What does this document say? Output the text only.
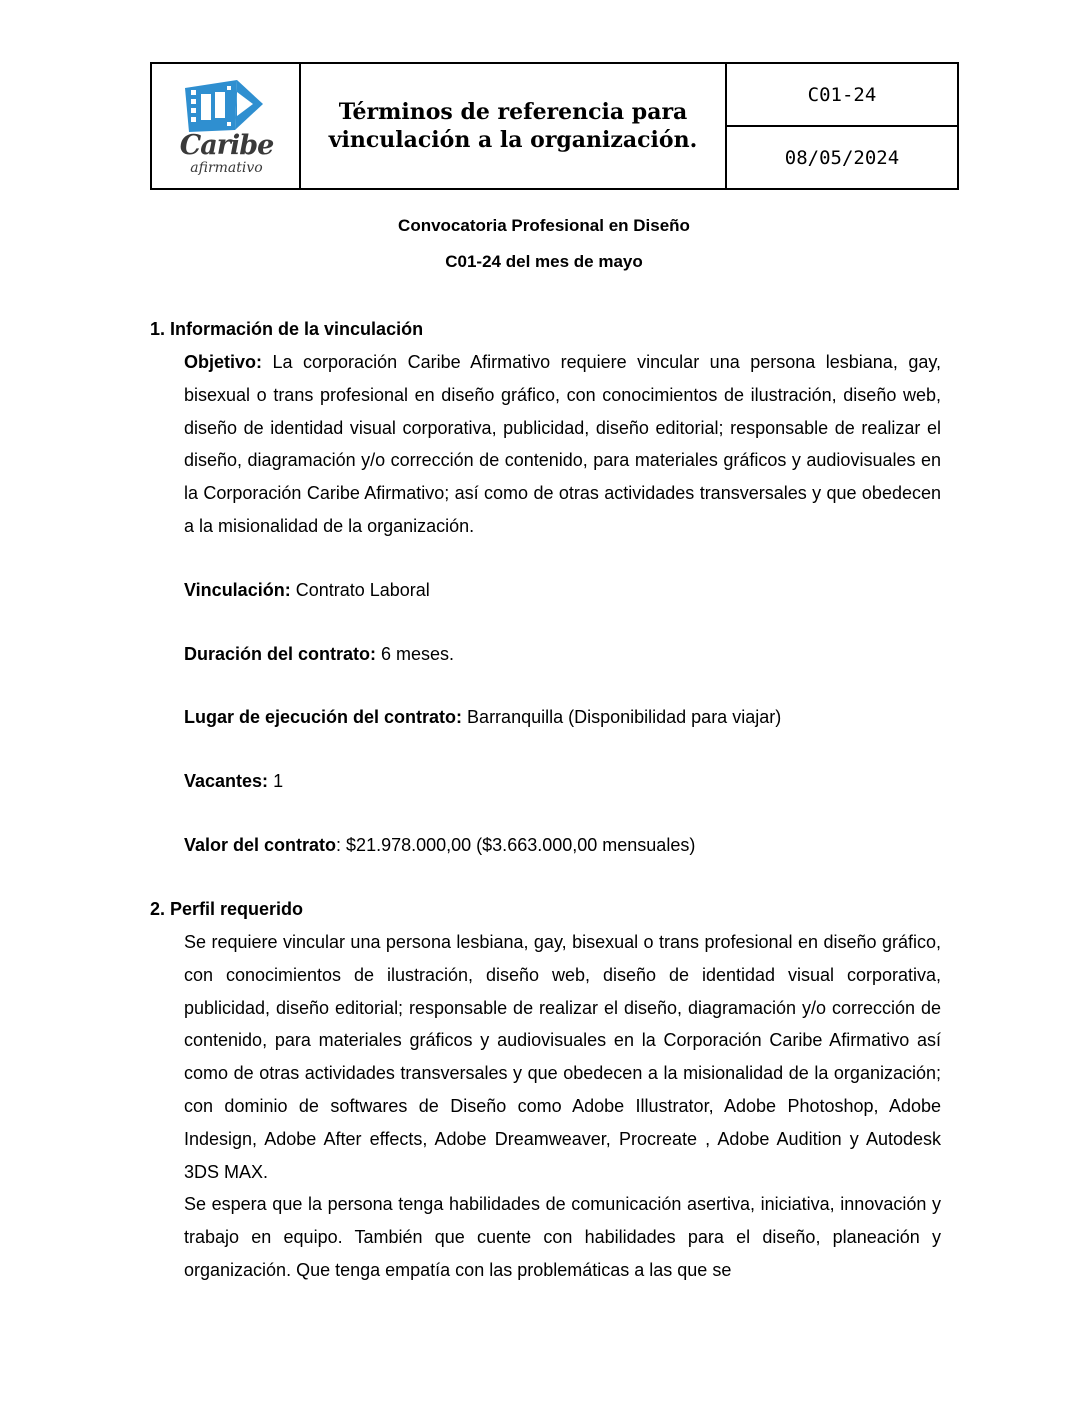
Caribe
afirmativo
Términos de referencia para vinculación a la organización.
C01-24
08/05/2024
Convocatoria Profesional en Diseño
C01-24 del mes de mayo
1. Información de la vinculación
Objetivo: La corporación Caribe Afirmativo requiere vincular una persona lesbiana, gay, bisexual o trans profesional en diseño gráfico, con conocimientos de ilustración, diseño web, diseño de identidad visual corporativa, publicidad, diseño editorial; responsable de realizar el diseño, diagramación y/o corrección de contenido, para materiales gráficos y audiovisuales en la Corporación Caribe Afirmativo; así como de otras actividades transversales y que obedecen a la misionalidad de la organización.
Vinculación: Contrato Laboral
Duración del contrato: 6 meses.
Lugar de ejecución del contrato: Barranquilla (Disponibilidad para viajar)
Vacantes: 1
Valor del contrato: $21.978.000,00 ($3.663.000,00 mensuales)
2. Perfil requerido
Se requiere vincular una persona lesbiana, gay, bisexual o trans profesional en diseño gráfico, con conocimientos de ilustración, diseño web, diseño de identidad visual corporativa, publicidad, diseño editorial; responsable de realizar el diseño, diagramación y/o corrección de contenido, para materiales gráficos y audiovisuales en la Corporación Caribe Afirmativo así como de otras actividades transversales y que obedecen a la misionalidad de la organización; con dominio de softwares de Diseño como Adobe Illustrator, Adobe Photoshop, Adobe Indesign, Adobe After effects, Adobe Dreamweaver, Procreate , Adobe Audition y Autodesk 3DS MAX.
Se espera que la persona tenga habilidades de comunicación asertiva, iniciativa, innovación y trabajo en equipo. También que cuente con habilidades para el diseño, planeación y organización. Que tenga empatía con las problemáticas a las que se
